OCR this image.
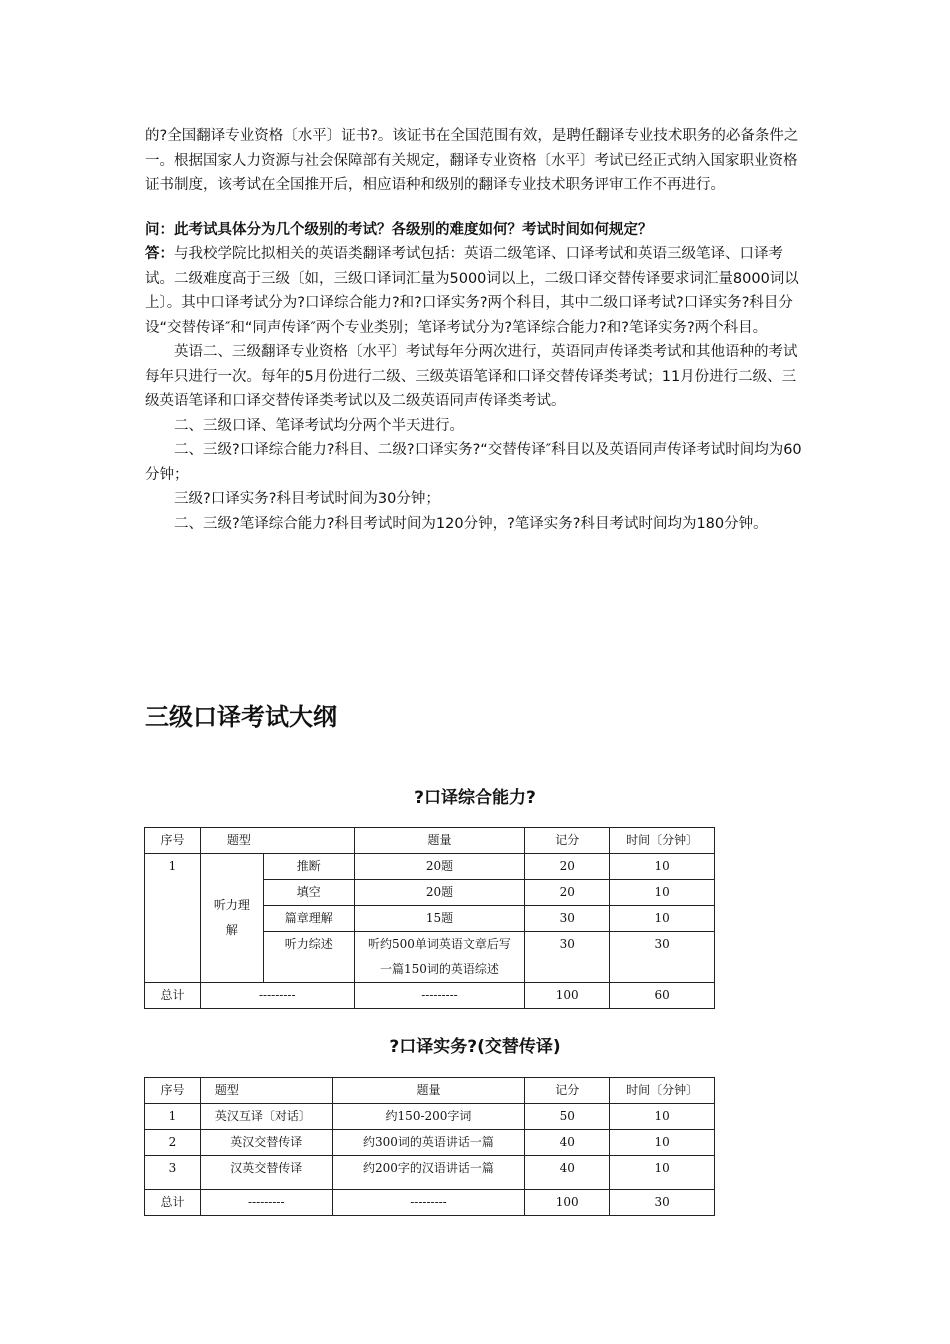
的?全国翻译专业资格〔水平〕证书?。该证书在全国范围有效，是聘任翻译专业技术职务的必备条件之一。根据国家人力资源与社会保障部有关规定，翻译专业资格〔水平〕考试已经正式纳入国家职业资格证书制度，该考试在全国推开后，相应语种和级别的翻译专业技术职务评审工作不再进行。

问：此考试具体分为几个级别的考试？各级别的难度如何？考试时间如何规定？

答：与我校学院比拟相关的英语类翻译考试包括：英语二级笔译、口译考试和英语三级笔译、口译考试。二级难度高于三级〔如，三级口译词汇量为5000词以上，二级口译交替传译要求词汇量8000词以上〕。其中口译考试分为?口译综合能力?和?口译实务?两个科目，其中二级口译考试?口译实务?科目分设“交替传译″和“同声传译″两个专业类别；笔译考试分为?笔译综合能力?和?笔译实务?两个科目。

英语二、三级翻译专业资格〔水平〕考试每年分两次进行，英语同声传译类考试和其他语种的考试每年只进行一次。每年的5月份进行二级、三级英语笔译和口译交替传译类考试；11月份进行二级、三级英语笔译和口译交替传译类考试以及二级英语同声传译类考试。

二、三级口译、笔译考试均分两个半天进行。

二、三级?口译综合能力?科目、二级?口译实务?“交替传译″科目以及英语同声传译考试时间均为60分钟；

三级?口译实务?科目考试时间为30分钟；

二、三级?笔译综合能力?科目考试时间为120分钟，?笔译实务?科目考试时间均为180分钟。

三级口译考试大纲
?口译综合能力?
序号	题型		题量	记分	时间〔分钟〕
1	听力理解	推断	20题	20	10
		填空	20题	20	10
		篇章理解	15题	30	10
		听力综述	听约500单词英语文章后写一篇150词的英语综述	30	30
总计	---------		---------	100	60
?口译实务?(交替传译)
序号	题型	题量	记分	时间〔分钟〕
1	英汉互译〔对话〕	约150-200字词	50	10
2	英汉交替传译	约300词的英语讲话一篇	40	10
3	汉英交替传译	约200字的汉语讲话一篇	40	10
总计	---------	---------	100	30
